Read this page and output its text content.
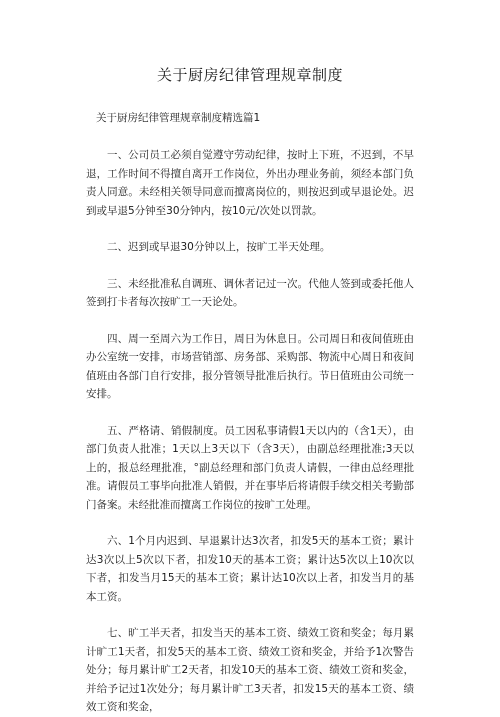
关于厨房纪律管理规章制度

关于厨房纪律管理规章制度精选篇1

一、公司员工必须自觉遵守劳动纪律，按时上下班，不迟到，不早退，工作时间不得擅自离开工作岗位，外出办理业务前，须经本部门负责人同意。未经相关领导同意而擅离岗位的，则按迟到或早退论处。迟到或早退5分钟至30分钟内，按10元/次处以罚款。

二、迟到或早退30分钟以上，按旷工半天处理。

三、未经批准私自调班、调休者记过一次。代他人签到或委托他人签到打卡者每次按旷工一天论处。

四、周一至周六为工作日，周日为休息日。公司周日和夜间值班由办公室统一安排，市场营销部、房务部、采购部、物流中心周日和夜间值班由各部门自行安排，报分管领导批准后执行。节日值班由公司统一安排。

五、严格请、销假制度。员工因私事请假1天以内的（含1天），由部门负责人批准；1天以上3天以下（含3天），由副总经理批准;3天以上的，报总经理批准，°副总经理和部门负责人请假，一律由总经理批准。请假员工事毕向批准人销假，并在事毕后将请假手续交相关考勤部门备案。未经批准而擅离工作岗位的按旷工处理。

六、1个月内迟到、早退累计达3次者，扣发5天的基本工资；累计达3次以上5次以下者，扣发10天的基本工资；累计达5次以上10次以下者，扣发当月15天的基本工资；累计达10次以上者，扣发当月的基本工资。

七、旷工半天者，扣发当天的基本工资、绩效工资和奖金；每月累计旷工1天者，扣发5天的基本工资、绩效工资和奖金，并给予1次警告处分；每月累计旷工2天者，扣发10天的基本工资、绩效工资和奖金，并给予记过1次处分；每月累计旷工3天者，扣发15天的基本工资、绩效工资和奖金，
